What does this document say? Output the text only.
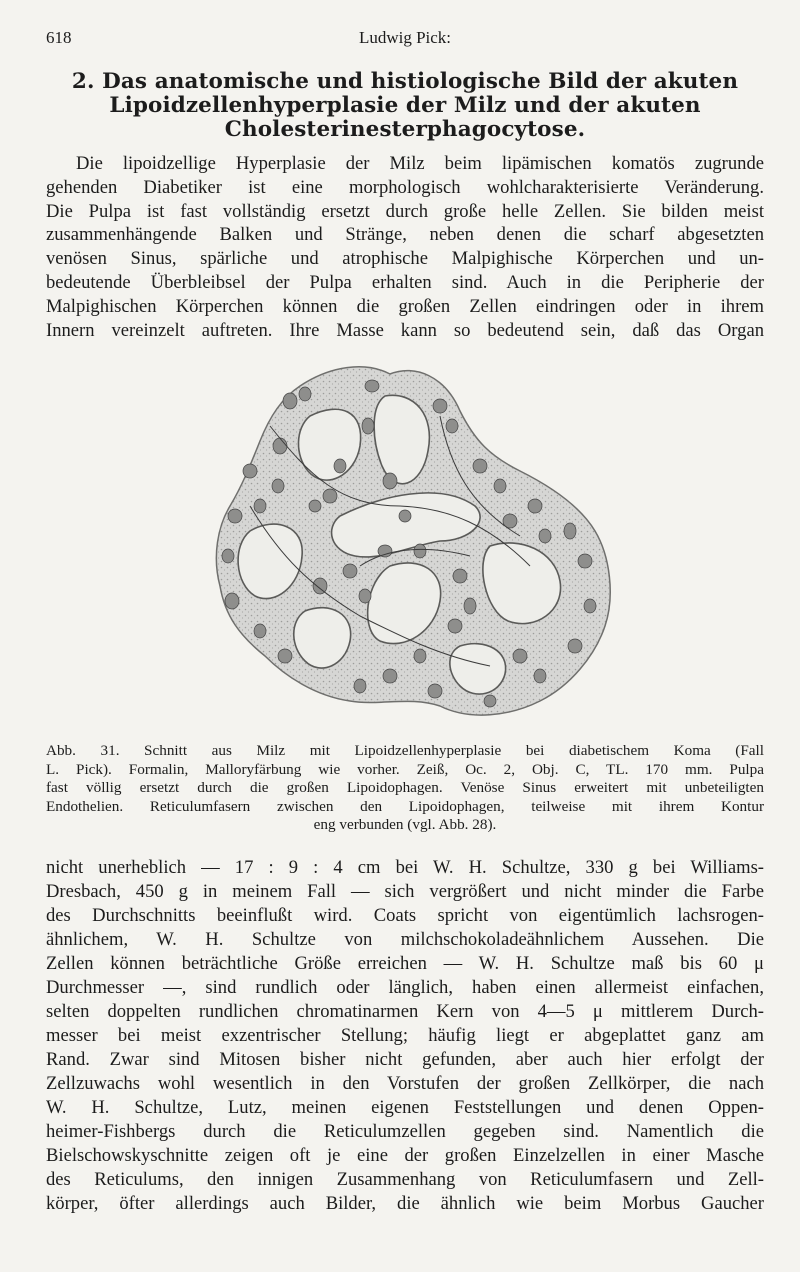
618	Ludwig Pick:
2. Das anatomische und histiologische Bild der akuten
Lipoidzellenhyperplasie der Milz und der akuten
Cholesterinesterphagocytose.
Die lipoidzellige Hyperplasie der Milz beim lipämischen komatös zugrunde
gehenden Diabetiker ist eine morphologisch wohlcharakterisierte Veränderung.
Die Pulpa ist fast vollständig ersetzt durch große helle Zellen. Sie bilden meist
zusammenhängende Balken und Stränge, neben denen die scharf abgesetzten
venösen Sinus, spärliche und atrophische Malpighische Körperchen und un-
bedeutende Überbleibsel der Pulpa erhalten sind. Auch in die Peripherie der
Malpighischen Körperchen können die großen Zellen eindringen oder in ihrem
Innern vereinzelt auftreten. Ihre Masse kann so bedeutend sein, daß das Organ
Abb. 31. Schnitt aus Milz mit Lipoidzellenhyperplasie bei diabetischem Koma (Fall
L. Pick). Formalin, Malloryfärbung wie vorher. Zeiß, Oc. 2, Obj. C, TL. 170 mm. Pulpa
fast völlig ersetzt durch die großen Lipoidophagen. Venöse Sinus erweitert mit unbeteiligten
Endothelien. Reticulumfasern zwischen den Lipoidophagen, teilweise mit ihrem Kontur
eng verbunden (vgl. Abb. 28).
nicht unerheblich — 17 : 9 : 4 cm bei W. H. Schultze, 330 g bei Williams-
Dresbach, 450 g in meinem Fall — sich vergrößert und nicht minder die Farbe
des Durchschnitts beeinflußt wird. Coats spricht von eigentümlich lachsrogen-
ähnlichem, W. H. Schultze von milchschokoladeähnlichem Aussehen. Die
Zellen können beträchtliche Größe erreichen — W. H. Schultze maß bis 60 μ
Durchmesser —, sind rundlich oder länglich, haben einen allermeist einfachen,
selten doppelten rundlichen chromatinarmen Kern von 4—5 μ mittlerem Durch-
messer bei meist exzentrischer Stellung; häufig liegt er abgeplattet ganz am
Rand. Zwar sind Mitosen bisher nicht gefunden, aber auch hier erfolgt der
Zellzuwachs wohl wesentlich in den Vorstufen der großen Zellkörper, die nach
W. H. Schultze, Lutz, meinen eigenen Feststellungen und denen Oppen-
heimer-Fishbergs durch die Reticulumzellen gegeben sind. Namentlich die
Bielschowskyschnitte zeigen oft je eine der großen Einzelzellen in einer Masche
des Reticulums, den innigen Zusammenhang von Reticulumfasern und Zell-
körper, öfter allerdings auch Bilder, die ähnlich wie beim Morbus Gaucher
